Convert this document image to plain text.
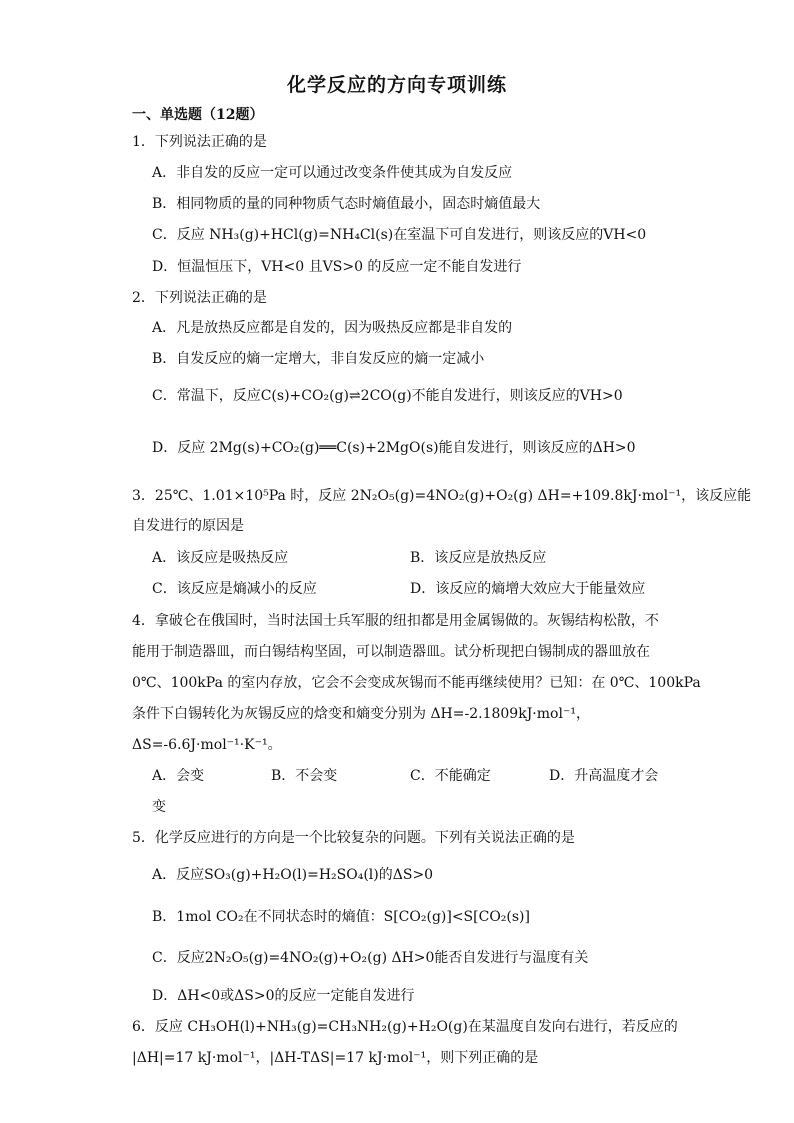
化学反应的方向专项训练
一、单选题（12题）
1．下列说法正确的是
A．非自发的反应一定可以通过改变条件使其成为自发反应
B．相同物质的量的同种物质气态时熵值最小，固态时熵值最大
C．反应 NH₃(g)+HCl(g)=NH₄Cl(s)在室温下可自发进行，则该反应的VH<0
D．恒温恒压下，VH<0 且VS>0 的反应一定不能自发进行
2．下列说法正确的是
A．凡是放热反应都是自发的，因为吸热反应都是非自发的
B．自发反应的熵一定增大，非自发反应的熵一定减小
C．常温下，反应C(s)+CO₂(g)⇌2CO(g)不能自发进行，则该反应的VH>0
D．反应 2Mg(s)+CO₂(g)══C(s)+2MgO(s)能自发进行，则该反应的ΔH>0
3．25℃、1.01×10⁵Pa 时，反应 2N₂O₅(g)=4NO₂(g)+O₂(g) ΔH=+109.8kJ·mol⁻¹，该反应能
自发进行的原因是
A．该反应是吸热反应	B．该反应是放热反应
C．该反应是熵减小的反应	D．该反应的熵增大效应大于能量效应
4．拿破仑在俄国时，当时法国士兵军服的纽扣都是用金属锡做的。灰锡结构松散，不
能用于制造器皿，而白锡结构坚固，可以制造器皿。试分析现把白锡制成的器皿放在
0℃、100kPa 的室内存放，它会不会变成灰锡而不能再继续使用？已知：在 0℃、100kPa
条件下白锡转化为灰锡反应的焓变和熵变分别为 ΔH=-2.1809kJ·mol⁻¹，
ΔS=-6.6J·mol⁻¹·K⁻¹。
A．会变	B．不会变	C．不能确定	D．升高温度才会
变
5．化学反应进行的方向是一个比较复杂的问题。下列有关说法正确的是
A．反应SO₃(g)+H₂O(l)=H₂SO₄(l)的ΔS>0
B．1mol CO₂在不同状态时的熵值：S[CO₂(g)]<S[CO₂(s)]
C．反应2N₂O₅(g)=4NO₂(g)+O₂(g) ΔH>0能否自发进行与温度有关
D．ΔH<0或ΔS>0的反应一定能自发进行
6．反应 CH₃OH(l)+NH₃(g)=CH₃NH₂(g)+H₂O(g)在某温度自发向右进行，若反应的
|ΔH|=17 kJ·mol⁻¹，|ΔH-TΔS|=17 kJ·mol⁻¹，则下列正确的是
